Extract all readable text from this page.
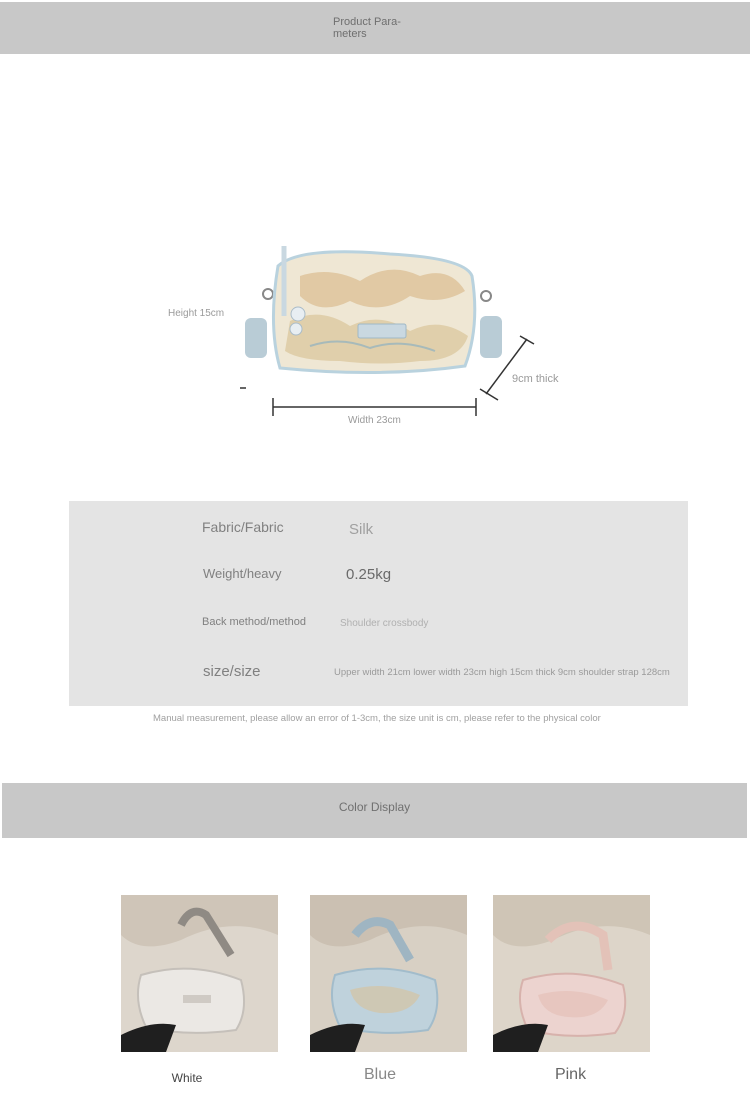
Product Para-
meters
Height 15cm
Width 23cm
9cm thick
Fabric/Fabric	Silk
Weight/heavy	0.25kg
Back method/method	Shoulder crossbody
size/size	Upper width 21cm lower width 23cm high 15cm thick 9cm shoulder strap 128cm
Manual measurement, please allow an error of 1-3cm, the size unit is cm, please refer to the physical color
Color Display
White	Blue	Pink
